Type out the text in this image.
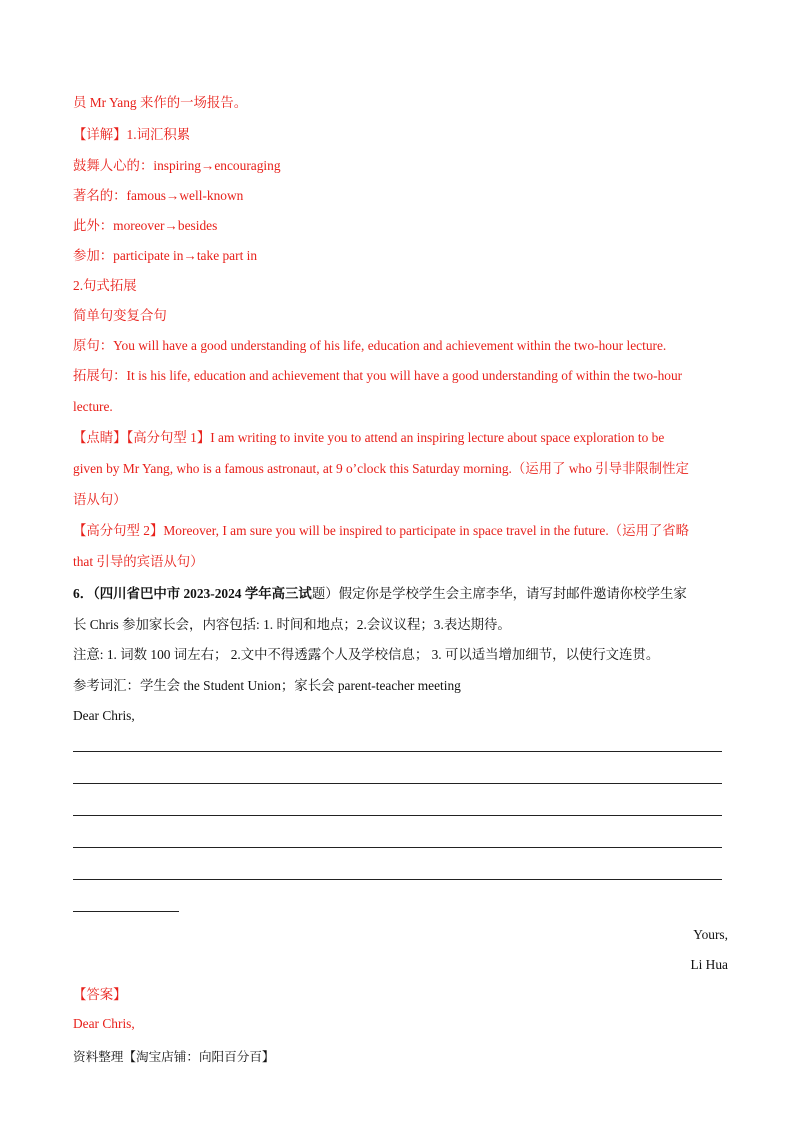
员 Mr Yang 来作的一场报告。
【详解】1.词汇积累
鼓舞人心的：inspiring→encouraging
著名的：famous→well-known
此外：moreover→besides
参加：participate in→take part in
2.句式拓展
简单句变复合句
原句：You will have a good understanding of his life, education and achievement within the two-hour lecture.
拓展句：It is his life, education and achievement that you will have a good understanding of within the two-hour
lecture.
【点睛】【高分句型 1】I am writing to invite you to attend an inspiring lecture about space exploration to be
given by Mr Yang, who is a famous astronaut, at 9 o’clock this Saturday morning.（运用了 who 引导非限制性定
语从句）
【高分句型 2】Moreover, I am sure you will be inspired to participate in space travel in the future.（运用了省略
that 引导的宾语从句）
6．（四川省巴中市 2023-2024 学年高三试题）假定你是学校学生会主席李华，请写封邮件邀请你校学生家
长 Chris 参加家长会，内容包括: 1. 时间和地点；2.会议议程；3.表达期待。
注意: 1. 词数 100 词左右； 2.文中不得透露个人及学校信息； 3. 可以适当增加细节，以使行文连贯。
参考词汇：学生会 the Student Union；家长会 parent-teacher meeting
Dear Chris,
Yours,
Li Hua
【答案】
Dear Chris,
资料整理【淘宝店铺：向阳百分百】
